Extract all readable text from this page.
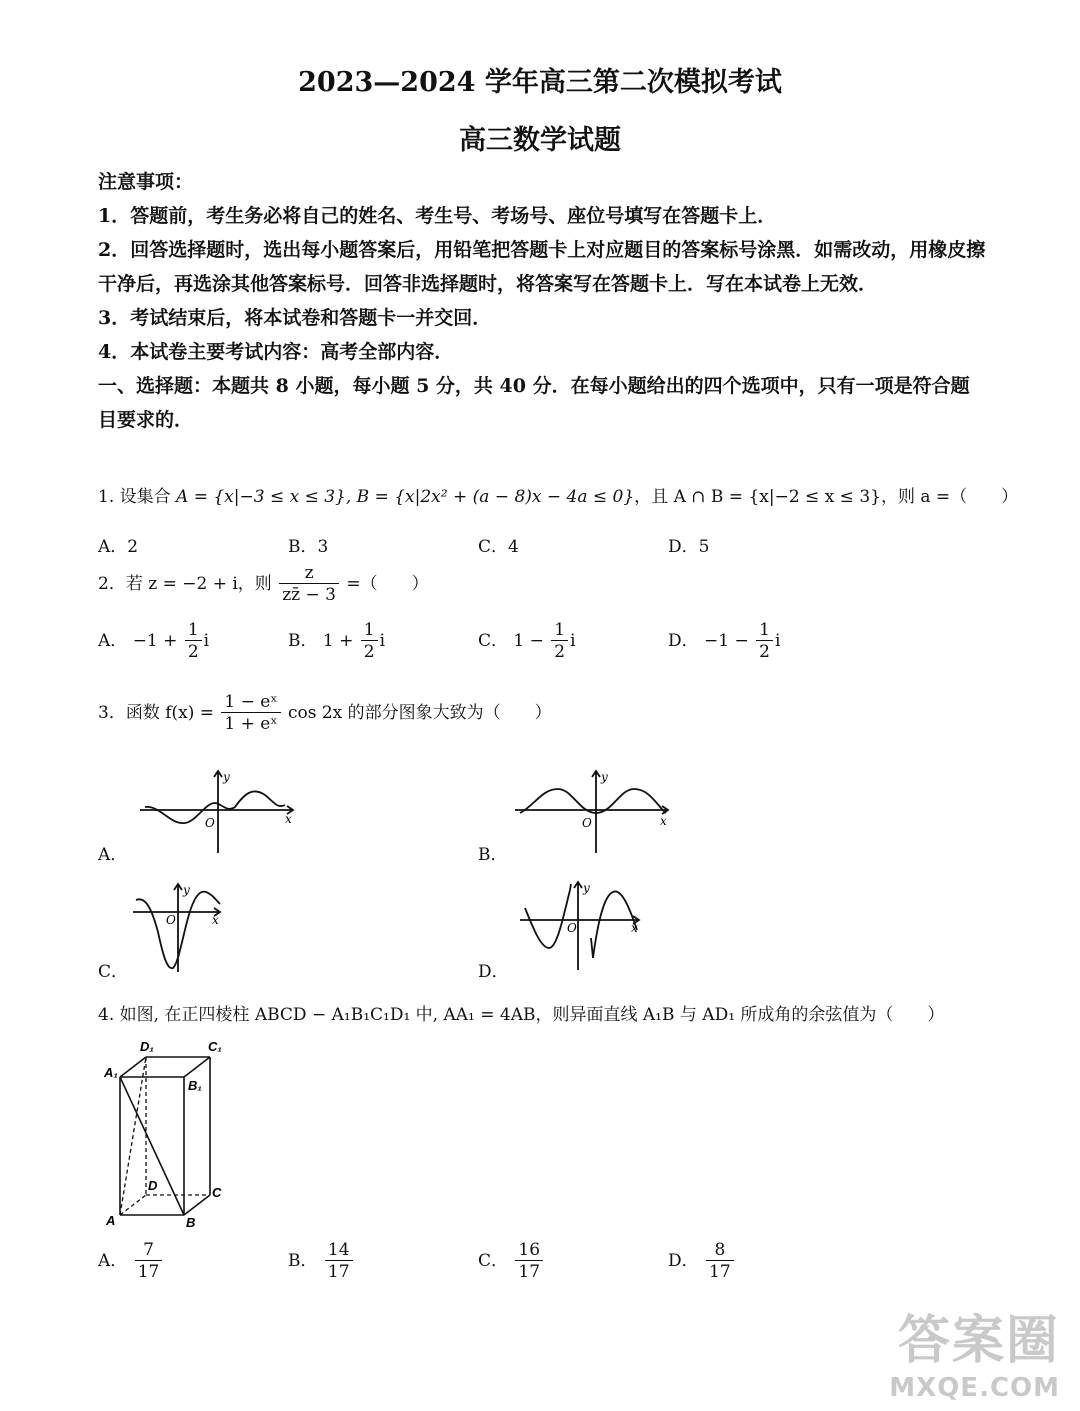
2023—2024 学年高三第二次模拟考试
高三数学试题
注意事项：
1．答题前，考生务必将自己的姓名、考生号、考场号、座位号填写在答题卡上．
2．回答选择题时，选出每小题答案后，用铅笔把答题卡上对应题目的答案标号涂黑．如需改动，用橡皮擦干净后，再选涂其他答案标号．回答非选择题时，将答案写在答题卡上．写在本试卷上无效．
3．考试结束后，将本试卷和答题卡一并交回．
4．本试卷主要考试内容：高考全部内容．
一、选择题：本题共 8 小题，每小题 5 分，共 40 分．在每小题给出的四个选项中，只有一项是符合题目要求的．
1. 设集合 A = {x|−3 ≤ x ≤ 3}, B = {x|2x² + (a − 8)x − 4a ≤ 0}，且 A ∩ B = {x|−2 ≤ x ≤ 3}，则 a =（　　）
A．2	B．3	C．4	D．5
2．若 z = −2 + i，则 $\frac{z}{zz̄ - 3}$ =（　　）
A． $-1 + \frac{1}{2}$ i	B． $1 + \frac{1}{2}$ i	C． $1 - \frac{1}{2}$ i	D． $-1 - \frac{1}{2}$ i
3．函数 $f(x) = \frac{\text{1 − eˣ}}{\text{1 + eˣ}}$ cos 2x 的部分图象大致为（　　）
y
x
O
A．
y
x
O
B．
y
x
O
C．
y
x
O
D．
4. 如图, 在正四棱柱 ABCD − A₁B₁C₁D₁ 中, AA₁ = 4AB，则异面直线 A₁B 与 AD₁ 所成角的余弦值为（　　）
A₁
D₁	C₁
B₁
D	C
A	B
A． $\frac{7}{17}$	B． $\frac{14}{17}$	C． $\frac{16}{17}$	D． $\frac{8}{17}$
答案圈
MXQE.COM
